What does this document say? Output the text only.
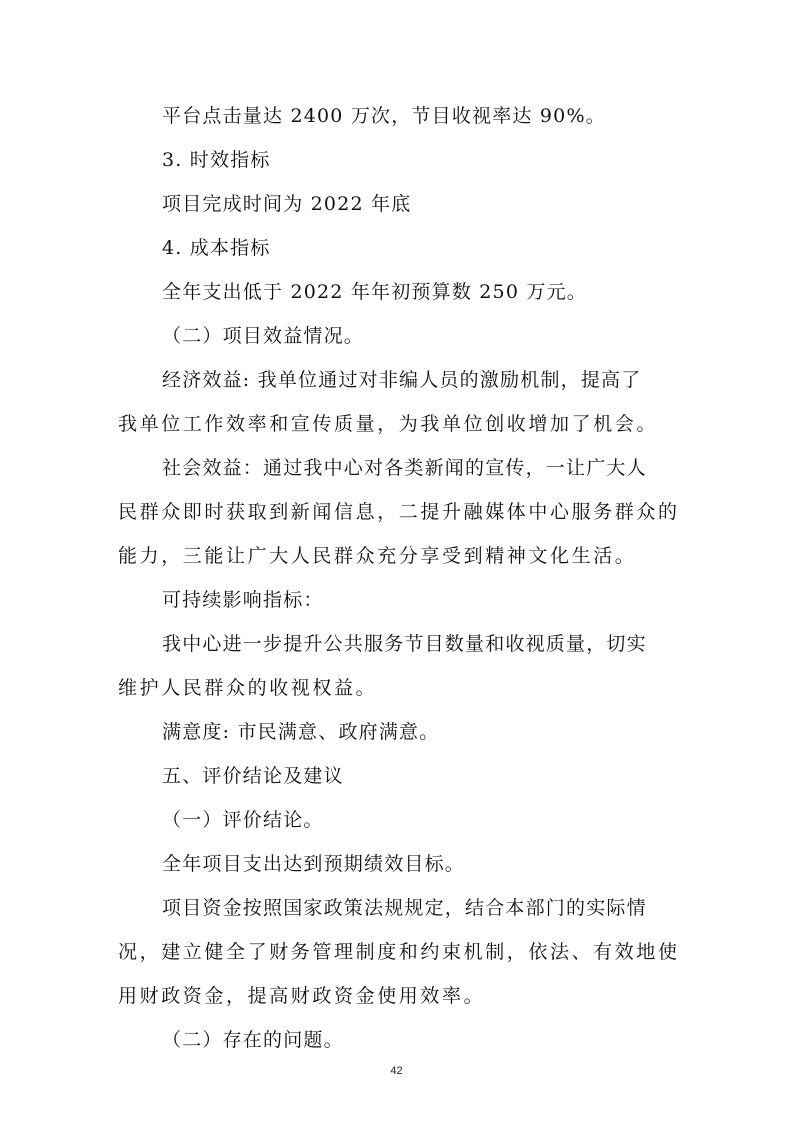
平台点击量达 2400 万次，节目收视率达 90%。
3. 时效指标
项目完成时间为 2022 年底
4. 成本指标
全年支出低于 2022 年年初预算数 250 万元。
（二）项目效益情况。
经济效益: 我单位通过对非编人员的激励机制，提高了
我单位工作效率和宣传质量，为我单位创收增加了机会。
社会效益：通过我中心对各类新闻的宣传，一让广大人
民群众即时获取到新闻信息，二提升融媒体中心服务群众的
能力，三能让广大人民群众充分享受到精神文化生活。
可持续影响指标：
我中心进一步提升公共服务节目数量和收视质量，切实
维护人民群众的收视权益。
满意度: 市民满意、政府满意。
五、评价结论及建议
（一）评价结论。
全年项目支出达到预期绩效目标。
项目资金按照国家政策法规规定，结合本部门的实际情
况，建立健全了财务管理制度和约束机制，依法、有效地使
用财政资金，提高财政资金使用效率。
（二）存在的问题。
42
